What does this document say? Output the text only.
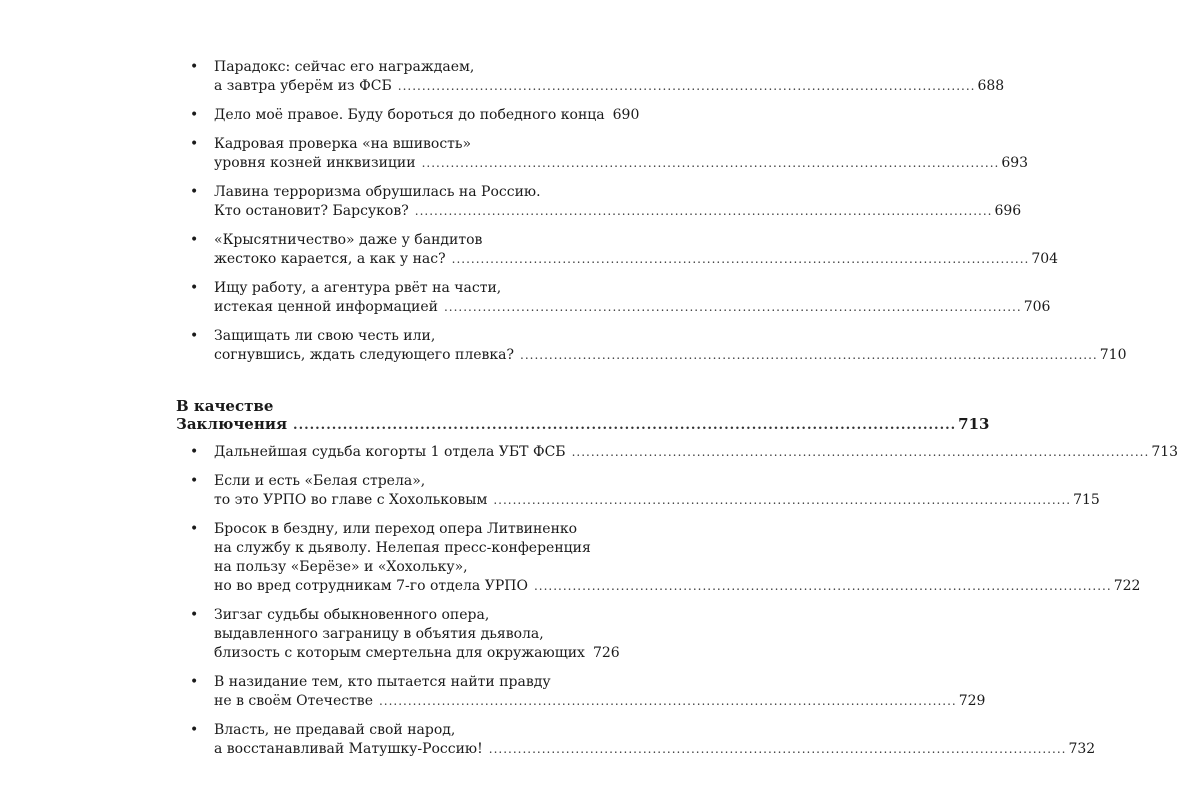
• Парадокс: сейчас его награждаем,
а завтра уберём из ФСБ ........................................................................................................................ 688
• Дело моё правое. Буду бороться до победного конца 690
• Кадровая проверка «на вшивость»
уровня козней инквизиции ........................................................................................................................ 693
• Лавина терроризма обрушилась на Россию.
Кто остановит? Барсуков? ........................................................................................................................ 696
• «Крысятничество» даже у бандитов
жестоко карается, а как у нас? ........................................................................................................................ 704
• Ищу работу, а агентура рвёт на части,
истекая ценной информацией ........................................................................................................................ 706
• Защищать ли свою честь или,
согнувшись, ждать следующего плевка? ........................................................................................................................ 710
В качестве
Заключения ........................................................................................................................ 713
• Дальнейшая судьба когорты 1 отдела УБТ ФСБ ........................................................................................................................ 713
• Если и есть «Белая стрела»,
то это УРПО во главе с Хохольковым ........................................................................................................................ 715
• Бросок в бездну, или переход опера Литвиненко
на службу к дьяволу. Нелепая пресс-конференция
на пользу «Берёзе» и «Хохольку»,
но во вред сотрудникам 7-го отдела УРПО ........................................................................................................................ 722
• Зигзаг судьбы обыкновенного опера,
выдавленного заграницу в объятия дьявола,
близость с которым смертельна для окружающих 726
• В назидание тем, кто пытается найти правду
не в своём Отечестве ........................................................................................................................ 729
• Власть, не предавай свой народ,
а восстанавливай Матушку-Россию! ........................................................................................................................ 732
